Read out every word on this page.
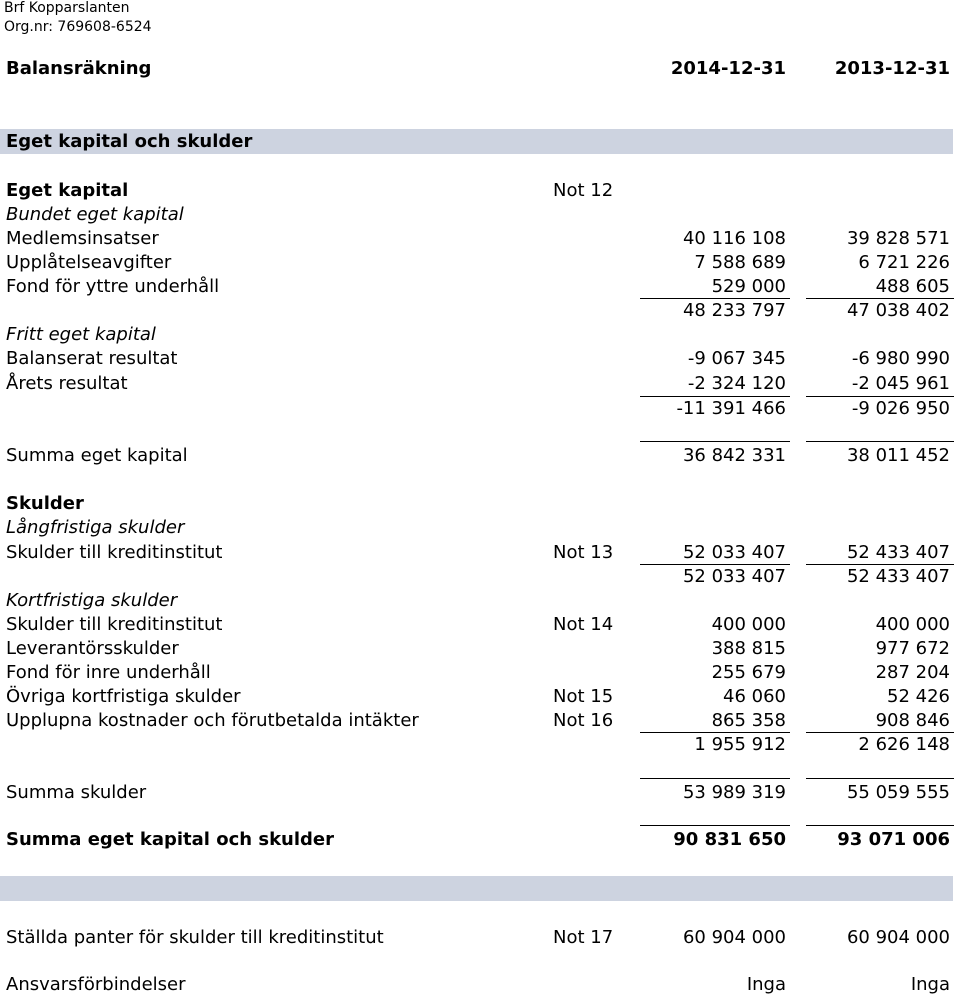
Brf Kopparslanten
Org.nr: 769608-6524
Balansräkning	2014-12-31	2013-12-31
Eget kapital och skulder
Eget kapital	Not 12
Bundet eget kapital
Medlemsinsatser	40 116 108	39 828 571
Upplåtelseavgifter	7 588 689	6 721 226
Fond för yttre underhåll	529 000	488 605
48 233 797	47 038 402
Fritt eget kapital
Balanserat resultat	-9 067 345	-6 980 990
Årets resultat	-2 324 120	-2 045 961
-11 391 466	-9 026 950
Summa eget kapital	36 842 331	38 011 452
Skulder
Långfristiga skulder
Skulder till kreditinstitut	Not 13	52 033 407	52 433 407
52 033 407	52 433 407
Kortfristiga skulder
Skulder till kreditinstitut	Not 14	400 000	400 000
Leverantörsskulder	388 815	977 672
Fond för inre underhåll	255 679	287 204
Övriga kortfristiga skulder	Not 15	46 060	52 426
Upplupna kostnader och förutbetalda intäkter	Not 16	865 358	908 846
1 955 912	2 626 148
Summa skulder	53 989 319	55 059 555
Summa eget kapital och skulder	90 831 650	93 071 006
Ställda panter för skulder till kreditinstitut	Not 17	60 904 000	60 904 000
Ansvarsförbindelser	Inga	Inga
